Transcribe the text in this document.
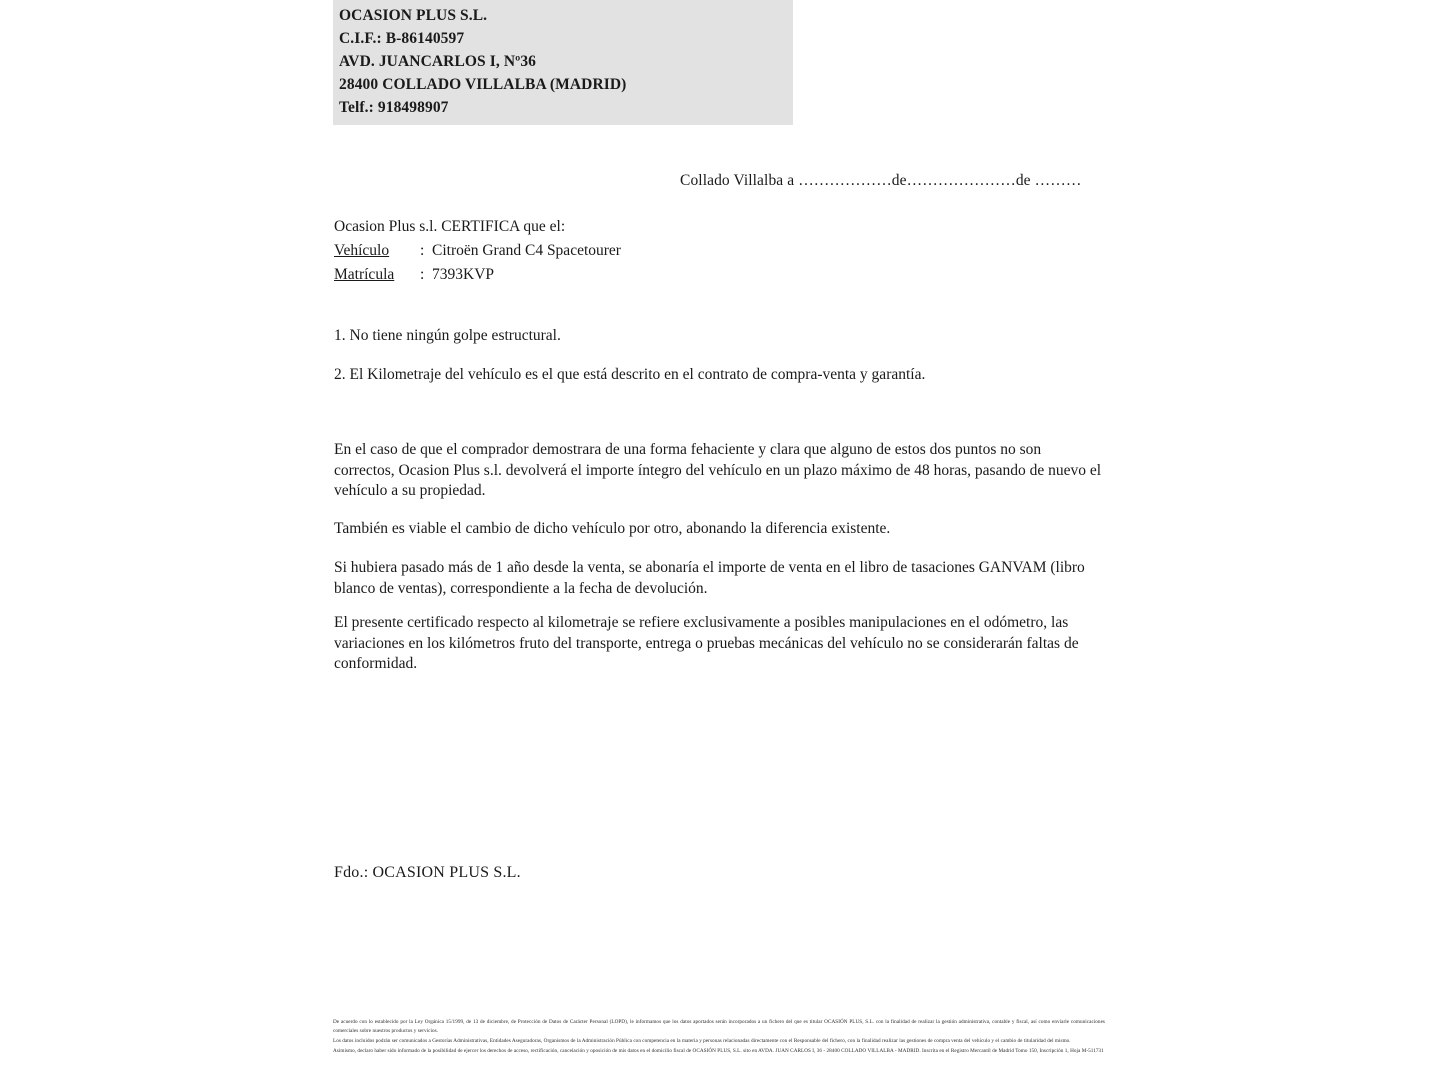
OCASION PLUS S.L.
C.I.F.: B-86140597
AVD. JUANCARLOS I, Nº36
28400 COLLADO VILLALBA (MADRID)
Telf.: 918498907
Collado Villalba a ………………de…………………de ………
Ocasion Plus s.l. CERTIFICA que el:
Vehículo : Citroën Grand C4 Spacetourer
Matrícula : 7393KVP
1. No tiene ningún golpe estructural.
2. El Kilometraje del vehículo es el que está descrito en el contrato de compra-venta y garantía.
En el caso de que el comprador demostrara de una forma fehaciente y clara que alguno de estos dos puntos no son correctos, Ocasion Plus s.l. devolverá el importe íntegro del vehículo en un plazo máximo de 48 horas, pasando de nuevo el vehículo a su propiedad.
También es viable el cambio de dicho vehículo por otro, abonando la diferencia existente.
Si hubiera pasado más de 1 año desde la venta, se abonaría el importe de venta en el libro de tasaciones GANVAM (libro blanco de ventas), correspondiente a la fecha de devolución.
El presente certificado respecto al kilometraje se refiere exclusivamente a posibles manipulaciones en el odómetro, las variaciones en los kilómetros fruto del transporte, entrega o pruebas mecánicas del vehículo no se considerarán faltas de conformidad.
Fdo.: OCASION PLUS S.L.

De acuerdo con lo establecido por la Ley Orgánica 15/1999, de 13 de diciembre, de Protección de Datos de Carácter Personal (LOPD), le informamos que los datos aportados serán incorporados a un fichero del que es titular OCASIÓN PLUS, S.L. con la finalidad de realizar la gestión administrativa, contable y fiscal, así como enviarle comunicaciones comerciales sobre nuestros productos y servicios.

Los datos incluidos podrán ser comunicados a Gestorías Administrativas, Entidades Aseguradoras, Organismos de la Administración Pública con competencia en la materia y personas relacionadas directamente con el Responsable del fichero, con la finalidad realizar las gestiones de compra venta del vehículo y el cambio de titularidad del mismo.

Asimismo, declaro haber sido informado de la posibilidad de ejercer los derechos de acceso, rectificación, cancelación y oposición de mis datos en el domicilio fiscal de OCASIÓN PLUS, S.L. sito en AVDA. JUAN CARLOS I, 36 - 28400 COLLADO VILLALBA - MADRID. Inscrita en el Registro Mercantil de Madrid Tomo 150, Inscripción 1, Hoja M-511731
